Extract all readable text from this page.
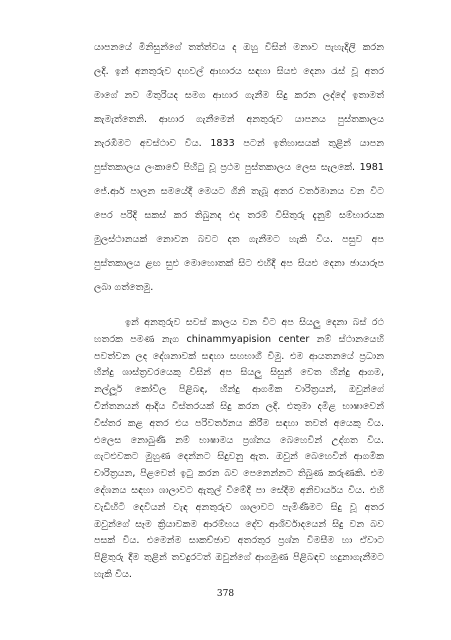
යාපනයේ මිනිසුන්ගේ තත්ත්වය ද ඔහු විසින් මනාව පැහැදිලි කරන
ලදි. ඉන් අනතුරුව දහවල් ආහාරය සඳහා සියළු දෙනා රැස් වූ අතර
මාගේ නව මිතුරියද සමග ආහාර ගැනීම සිදු කරන ලද්දේ ඉතාමත්
කැමැත්තෙනි. ආහාර ගැනීමෙන් අනතුරුව යාපනය පුස්තකාලය
නැරඹීමට අවස්ථාව විය. 1833 පටන් ඉතිහාසයක් තුළින් යාපන
පුස්තකාලය ලංකාවේ පිහිටු වූ ප්‍රථම පුස්තකාලය ලෙස සැලකේ. 1981
ජේ.ආර් පාලන සමයේදී මෙයට ගිනි තැබූ අතර වර්තමානය වන විට
පෙර පරිදි සකස් කර තිබුනද එද තරම් විසිතුරු දැනුම් සම්භාරයක
මුලස්ථානයක් නොවන බවට දත ගැනීමට හැකි විය. පසුව අප
පුස්තකාලය ළඟ සුළු මොහොතක් සිට එහිදී අප සියළු දෙනා ඡායාරූප
ලබා ගත්තෙමු.
ඉන් අනතුරුව සවස් කාලය වන විට අප සියලු දෙනා බස් රථ
හතරක පමණ නැග chinammyapision center නම් ස්ථානයෙහි
පවත්වන ලද දේශනාවක් සඳහා සහභාගී වීමු. එම ආයතනයේ ප්‍රධාන
හින්දු ශාස්ත්‍රවරයෙකු විසින් අප සියලු සිසුන් වෙත හින්දු ආගම,
නල්ලූර් කෝවිල පිළිබඳ, හින්දු ආගමික චාරිත්‍රයන්, ඔවුන්ගේ
චින්තනයන් ආදිය විස්තරයක් සිදු කරන ලදි. එතුමා දමිළ භාෂාවෙන්
විස්තර කළ අතර එය පරිවර්තනය කිරීම සඳහා තවත් අයෙකු විය.
එලෙස නොබුණි නම් භාෂාමය ප්‍රශ්නය බෙහෙවින් උද්ගත විය.
ගැටළුවකට මුහුණ දෙන්නට සිදුවනු ඇත. ඔවුන් බෙහෙවින් ආගමික
චාරිත්‍රයන, පිළවෙත් ඉටු කරන බව පෙනෙන්නට තිබුණ කරුණකි. එම
දේශනය සඳහා ශාලාවට ඇතුල් වීමේදී පා සේදීම අනිවාර්යය විය. එහි
වැඩිහිටි දෙවියන් වැඳ අනතුරුව ශාලාවට පැමිණීමට සිදු වූ අතර
ඔවුන්ගේ සෑම ක්‍රියාවකම ආරම්භය දේව ආශිර්වාදයෙන් සිදු වන බව
පසක් විය. එමෙන්ම සාකච්ඡාව අතරතුර ප්‍රශ්න විමසීම හා ඒවාට
පිළිතුරු දීම තුළින් තවදුරටත් ඔවුන්ගේ ආගමුණ පිළිබඳව හදුනාගැනීමට
හැකි විය.
378
